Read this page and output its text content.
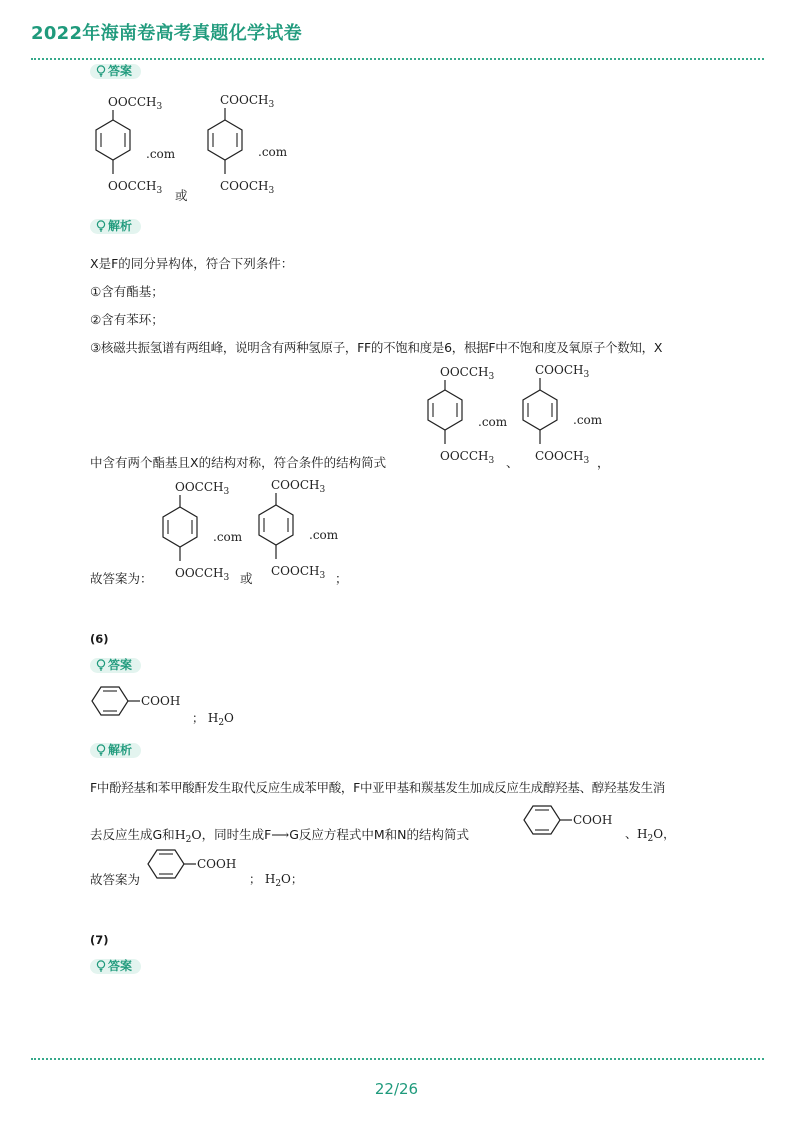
2022年海南卷高考真题化学试卷
答案
$OOCCH_3$
$OOCCH_3$
.com
或
$COOCH_3$
$COOCH_3$
.com
解析
X是F的同分异构体，符合下列条件：
①含有酯基；
②含有苯环；
③核磁共振氢谱有两组峰，说明含有两种氢原子，FF的不饱和度是6，根据F中不饱和度及氧原子个数知，X
中含有两个酯基且X的结构对称，符合条件的结构简式
$OOCCH_3$
$OOCCH_3$
.com
、
$COOCH_3$
$COOCH_3$
.com
，
故答案为：
$OOCCH_3$
$OOCCH_3$
.com
或
$COOCH_3$
$COOCH_3$
.com
；
(6)
答案
COOH
； $H_2O$
解析
F中酚羟基和苯甲酸酐发生取代反应生成苯甲酸，F中亚甲基和羰基发生加成反应生成醇羟基、醇羟基发生消
去反应生成G和$H_2O$，同时生成F⟶G反应方程式中M和N的结构简式
COOH
、$H_2O$，
故答案为
COOH
； $H_2O$；
(7)
答案
22/26
